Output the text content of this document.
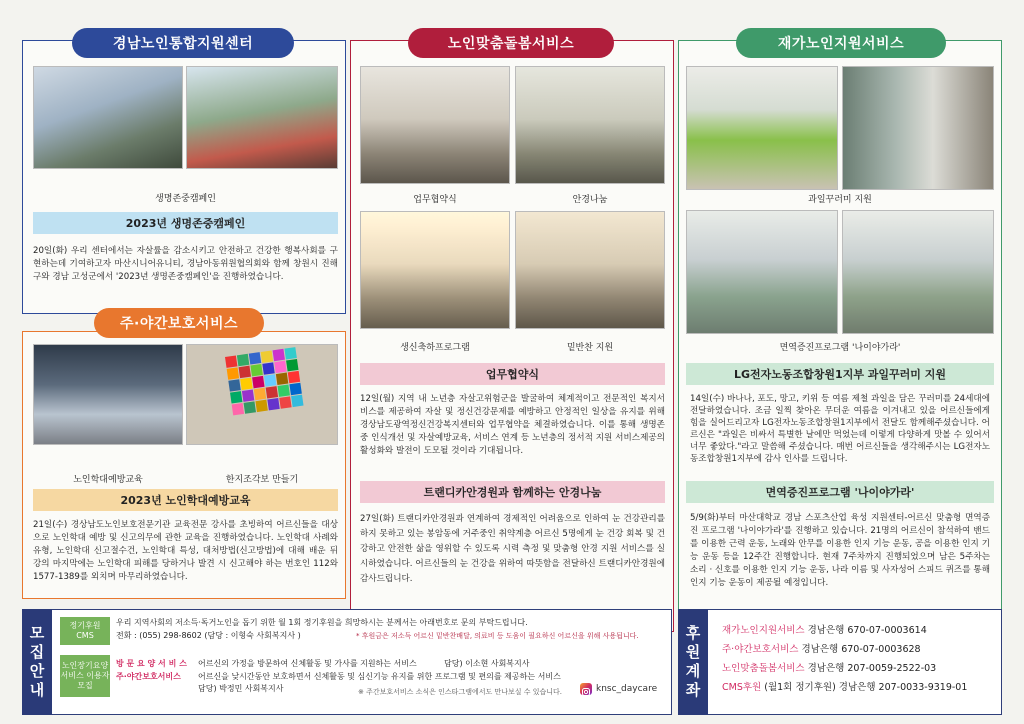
경남노인통합지원센터
생명존중캠페인
2023년 생명존중캠페인
20일(화) 우리 센터에서는 자살률을 감소시키고 안전하고 건강한 행복사회를 구현하는데 기여하고자 마산시니어유니티, 경남아동위원협의회와 함께 창원시 진해구와 경남 고성군에서 '2023년 생명존중캠페인'을 진행하였습니다.
주·야간보호서비스
노인학대예방교육	한지조각보 만들기
2023년 노인학대예방교육
21일(수) 경상남도노인보호전문기관 교육전문 강사를 초빙하여 어르신들을 대상으로 노인학대 예방 및 신고의무에 관한 교육을 진행하였습니다. 노인학대 사례와 유형, 노인학대 신고절수건, 노인학대 특성, 대처방법(신고방법)에 대해 배운 뒤 강의 마지막에는 노인학대 피해를 당하거나 발견 시 신고해야 하는 번호인 112와 1577-1389를 외치며 마무리하였습니다.
노인맞춤돌봄서비스
업무협약식	안경나눔
생신축하프로그램	밑반찬 지원
업무협약식
12일(월) 지역 내 노년층 자살고위험군을 발굴하여 체계적이고 전문적인 복지서비스를 제공하여 자살 및 정신건강문제를 예방하고 안정적인 일상을 유지를 위해 경상남도광역정신건강복지센터와 업무협약을 체결하였습니다. 이를 통해 생명존중 인식개선 및 자살예방교육, 서비스 연계 등 노년층의 정서적 지원 서비스제공의 활성화와 발전이 도모될 것이라 기대됩니다.
트랜디카안경원과 함께하는 안경나눔
27일(화) 트랜디카안경원과 연계하여 경제적인 어려움으로 인하여 눈 건강관리를 하지 못하고 있는 봉암동에 거주중인 취약계층 어르신 5명에게 눈 건강 회복 및 건강하고 안전한 삶을 영위할 수 있도록 시력 측정 및 맞춤형 안경 지원 서비스를 실시하였습니다. 어르신들의 눈 건강을 위하여 따뜻함을 전달하신 트랜디카안경원에 감사드립니다.
재가노인지원서비스
과일꾸러미 지원
면역증진프로그램 '나이야가라'
LG전자노동조합창원1지부 과일꾸러미 지원
14일(수) 바나나, 포도, 망고, 키위 등 여름 제철 과일을 담은 꾸러미를 24세대에 전달하였습니다. 조금 일찍 찾아온 무더운 여름을 이겨내고 있을 어르신들에게 힘을 실어드리고자 LG전자노동조합창원1지부에서 전달도 함께해주셨습니다. 어르신은 "과일은 비싸서 특별한 날에만 먹었는데 이렇게 다양하게 맛볼 수 있어서 너무 좋았다."라고 말씀해 주셨습니다. 매번 어르신들을 생각해주시는 LG전자노동조합창원1지부에 감사 인사를 드립니다.
면역증진프로그램 '나이야가라'
5/9(화)부터 마산대학교 경남 스포츠산업 육성 지원센터-어르신 맞춤형 면역증진 프로그램 '나이야가라'를 진행하고 있습니다. 21명의 어르신이 참석하여 밴드를 이용한 근력 운동, 노래와 안무를 이용한 인지 기능 운동, 공을 이용한 인지 기능 운동 등을 12주간 진행합니다. 현재 7주차까지 진행되었으며 남은 5주차는 소리 · 신호를 이용한 인지 기능 운동, 나라 이름 및 사자성어 스피드 퀴즈를 통해 인지 기능 운동이 제공될 예정입니다.
모집안내
정기후원 CMS
우리 지역사회의 저소득·독거노인을 돕기 위한 월 1회 정기후원을 희망하시는 분께서는 아래번호로 문의 부탁드립니다.
전화 : (055) 298-8602 (담당 : 이형숙 사회복지사 )	* 후원금은 저소득 어르신 밑반찬배달, 의료비 등 도움이 필요하신 어르신을 위해 사용됩니다.
노인장기요양서비스 이용자모집
방 문 요 양 서 비 스 어르신의 가정을 방문하여 신체활동 및 가사를 지원하는 서비스	담당) 이소현 사회복지사
주·야간보호서비스 어르신을 낮시간동안 보호하면서 신체활동 및 심신기능 유지를 위한 프로그램 및 편의를 제공하는 서비스
담당) 박정민 사회복지사	※ 주간보호서비스 소식은 인스타그램에서도 만나보실 수 있습니다.	knsc_daycare
후원계좌
재가노인지원서비스 경남은행 670-07-0003614
주·야간보호서비스 경남은행 670-07-0003628
노인맞춤돌봄서비스 경남은행 207-0059-2522-03
CMS후원 (월1회 정기후원) 경남은행 207-0033-9319-01
